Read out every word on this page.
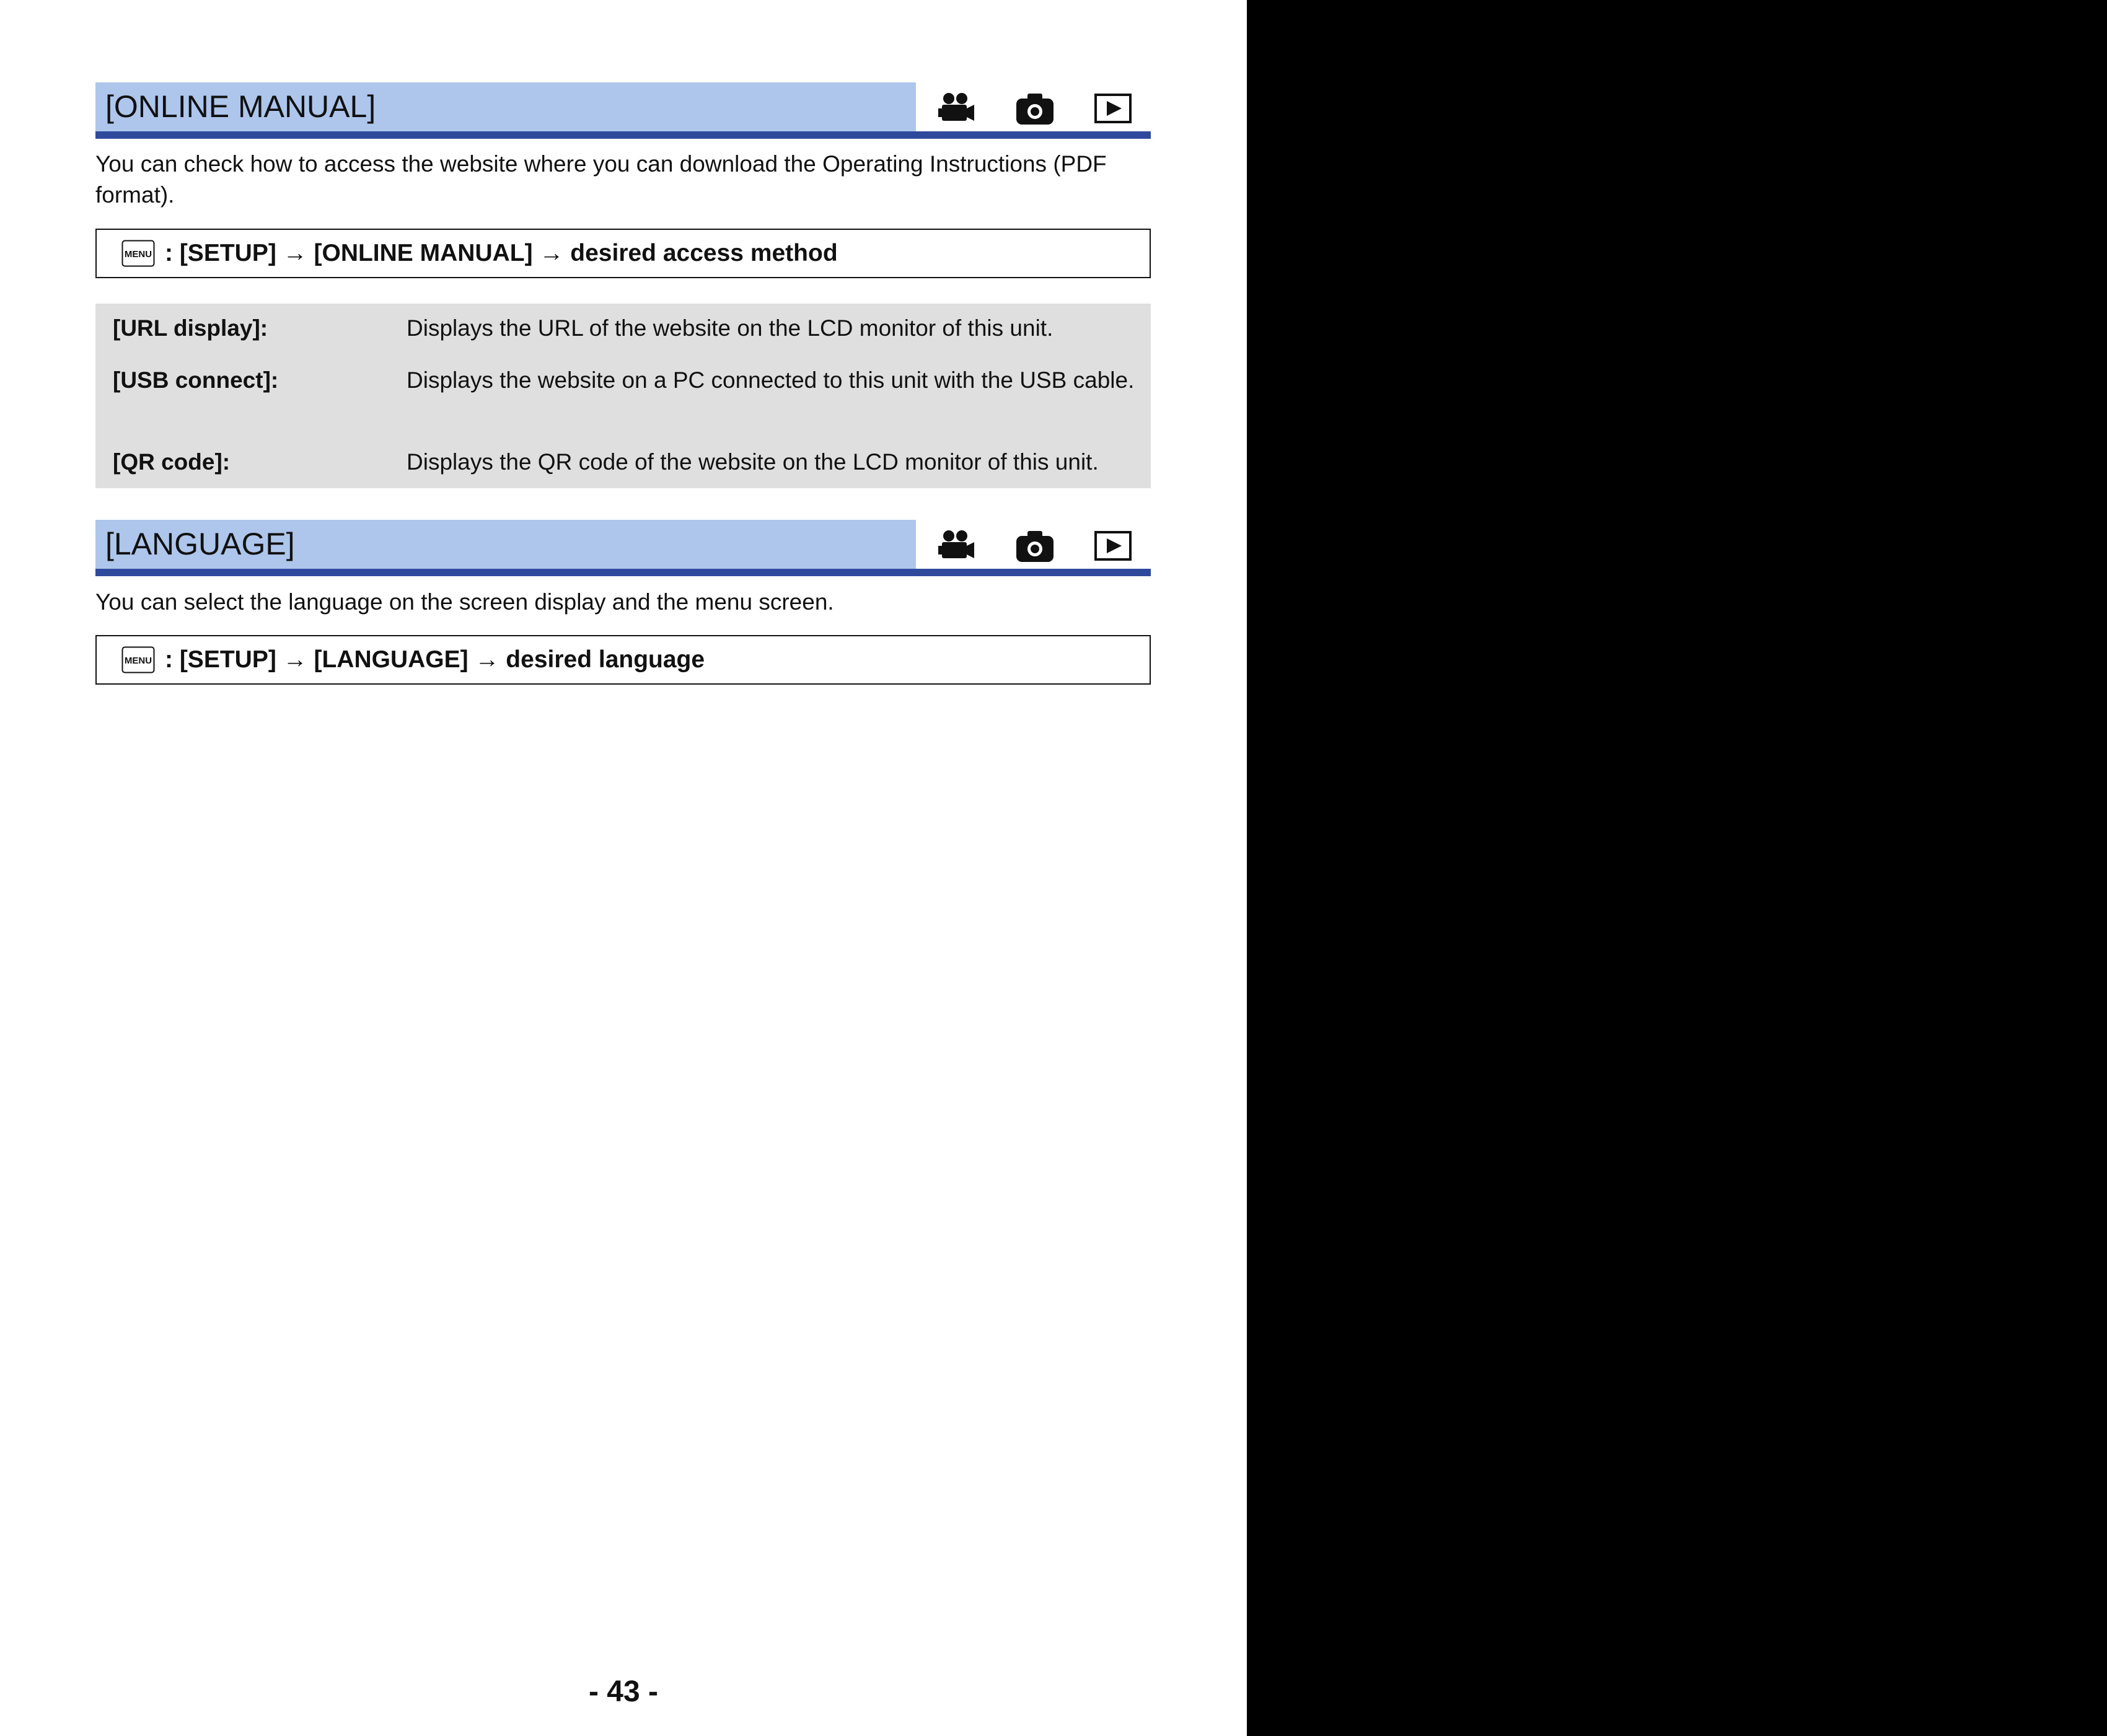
[ONLINE MANUAL]
You can check how to access the website where you can download the Operating Instructions (PDF format).
MENU : [SETUP] → [ONLINE MANUAL] → desired access method
[URL display]:	Displays the URL of the website on the LCD monitor of this unit.
[USB connect]:	Displays the website on a PC connected to this unit with the USB cable.
[QR code]:	Displays the QR code of the website on the LCD monitor of this unit.
[LANGUAGE]
You can select the language on the screen display and the menu screen.
MENU : [SETUP] → [LANGUAGE] → desired language
- 43 -
